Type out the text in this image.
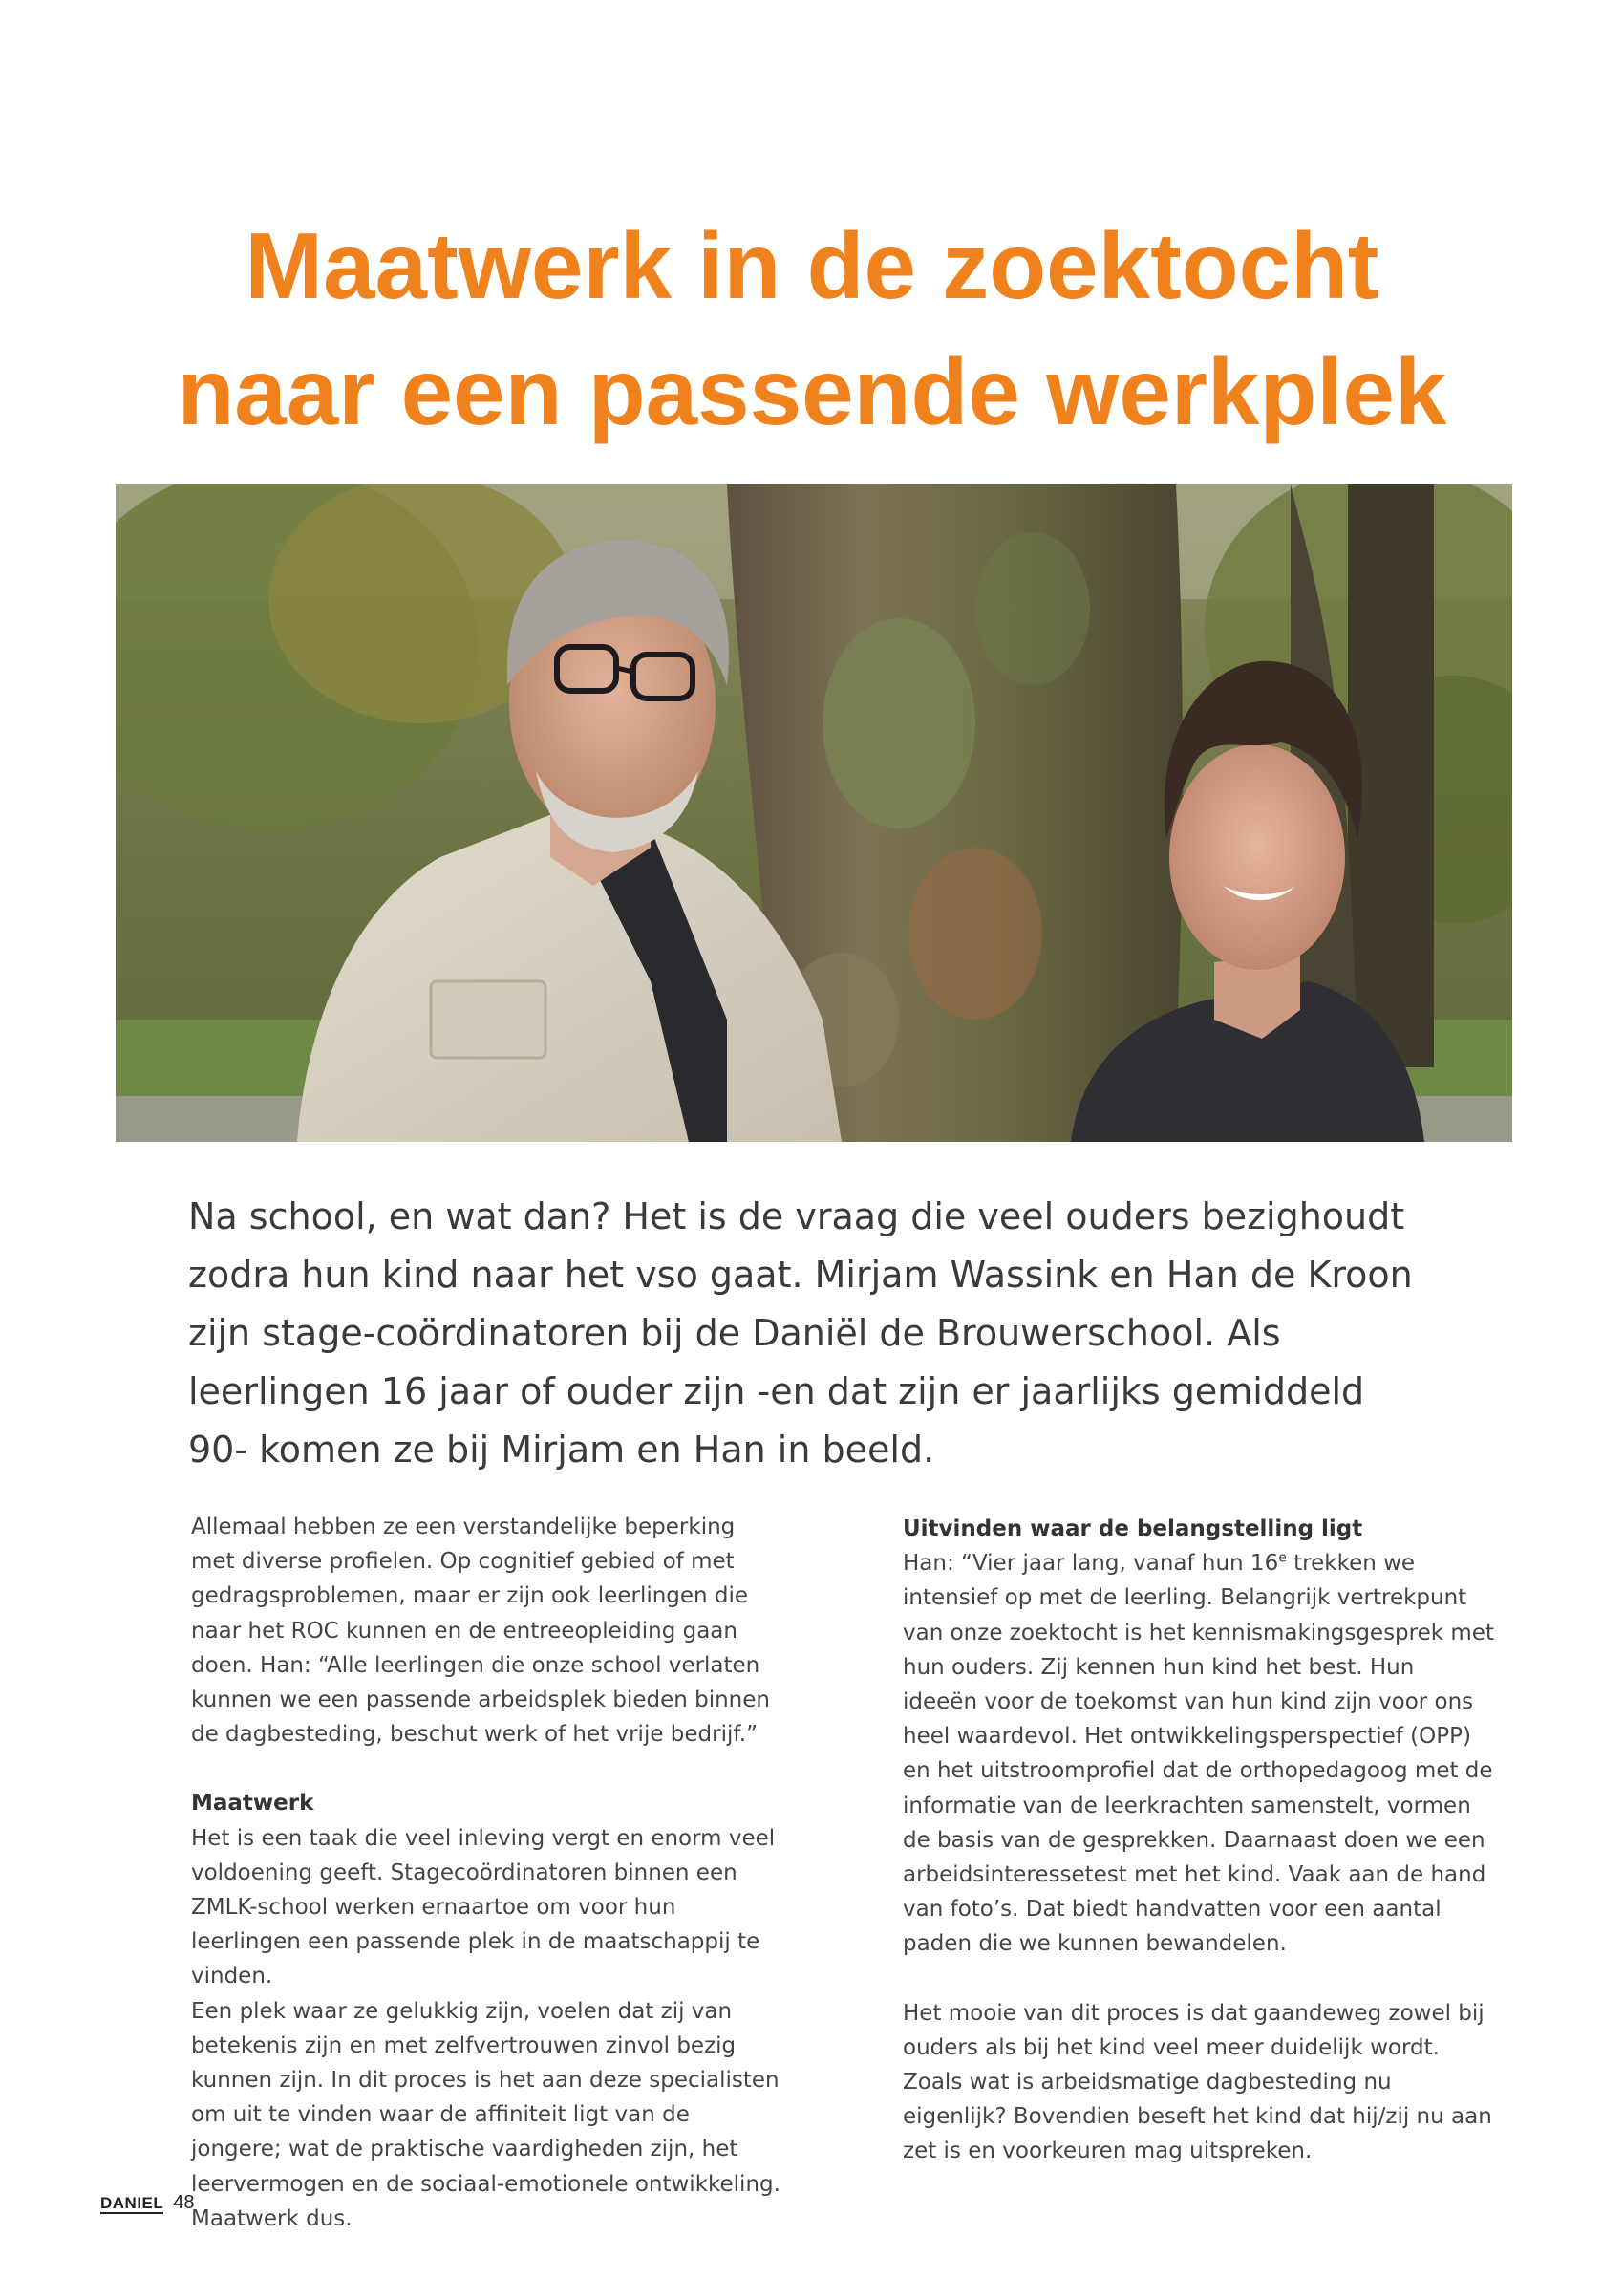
Maatwerk in de zoektocht
naar een passende werkplek

Na school, en wat dan? Het is de vraag die veel ouders bezighoudt zodra hun kind naar het vso gaat. Mirjam Wassink en Han de Kroon zijn stage-coördinatoren bij de Daniël de Brouwerschool. Als leerlingen 16 jaar of ouder zijn -en dat zijn er jaarlijks gemiddeld 90- komen ze bij Mirjam en Han in beeld.

Allemaal hebben ze een verstandelijke beperking met diverse profielen. Op cognitief gebied of met gedragsproblemen, maar er zijn ook leerlingen die naar het ROC kunnen en de entreeopleiding gaan doen. Han: “Alle leerlingen die onze school verlaten kunnen we een passende arbeidsplek bieden binnen de dagbesteding, beschut werk of het vrije bedrijf.”

Maatwerk

Het is een taak die veel inleving vergt en enorm veel voldoening geeft. Stagecoördinatoren binnen een ZMLK-school werken ernaartoe om voor hun leerlingen een passende plek in de maatschappij te vinden.

Een plek waar ze gelukkig zijn, voelen dat zij van betekenis zijn en met zelfvertrouwen zinvol bezig kunnen zijn. In dit proces is het aan deze specialisten om uit te vinden waar de affiniteit ligt van de jongere; wat de praktische vaardigheden zijn, het leervermogen en de sociaal-emotionele ontwikkeling. Maatwerk dus.

Uitvinden waar de belangstelling ligt

Han: “Vier jaar lang, vanaf hun 16e trekken we intensief op met de leerling. Belangrijk vertrekpunt van onze zoektocht is het kennismakingsgesprek met hun ouders. Zij kennen hun kind het best. Hun ideeën voor de toekomst van hun kind zijn voor ons heel waardevol. Het ontwikkelingsperspectief (OPP) en het uitstroomprofiel dat de orthopedagoog met de informatie van de leerkrachten samenstelt, vormen de basis van de gesprekken. Daarnaast doen we een arbeidsinteressetest met het kind. Vaak aan de hand van foto’s. Dat biedt handvatten voor een aantal paden die we kunnen bewandelen.

Het mooie van dit proces is dat gaandeweg zowel bij ouders als bij het kind veel meer duidelijk wordt. Zoals wat is arbeidsmatige dagbesteding nu eigenlijk? Bovendien beseft het kind dat hij/zij nu aan zet is en voorkeuren mag uitspreken.

DANIEL 48
